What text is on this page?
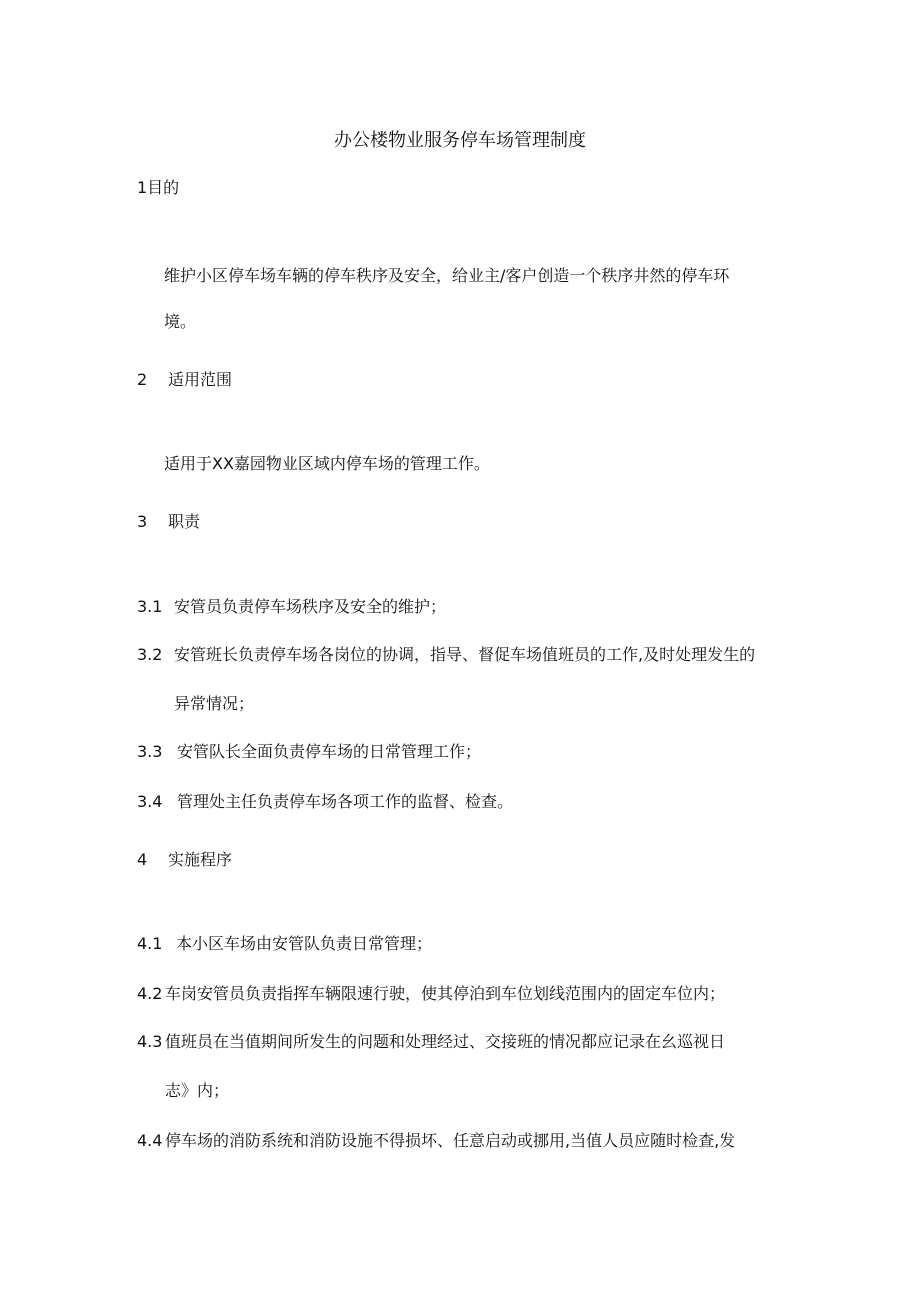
办公楼物业服务停车场管理制度
1目的
维护小区停车场车辆的停车秩序及安全，给业主/客户创造一个秩序井然的停车环
境。
2 适用范围
适用于XX嘉园物业区域内停车场的管理工作。
3 职责
3.1 安管员负责停车场秩序及安全的维护；
3.2 安管班长负责停车场各岗位的协调，指导、督促车场值班员的工作,及时处理发生的
异常情况；
3.3 安管队长全面负责停车场的日常管理工作；
3.4 管理处主任负责停车场各项工作的监督、检查。
4 实施程序
4.1 本小区车场由安管队负责日常管理；
4.2 车岗安管员负责指挥车辆限速行驶，使其停泊到车位划线范围内的固定车位内；
4.3 值班员在当值期间所发生的问题和处理经过、交接班的情况都应记录在幺巡视日
志》内；
4.4 停车场的消防系统和消防设施不得损坏、任意启动或挪用,当值人员应随时检查,发
